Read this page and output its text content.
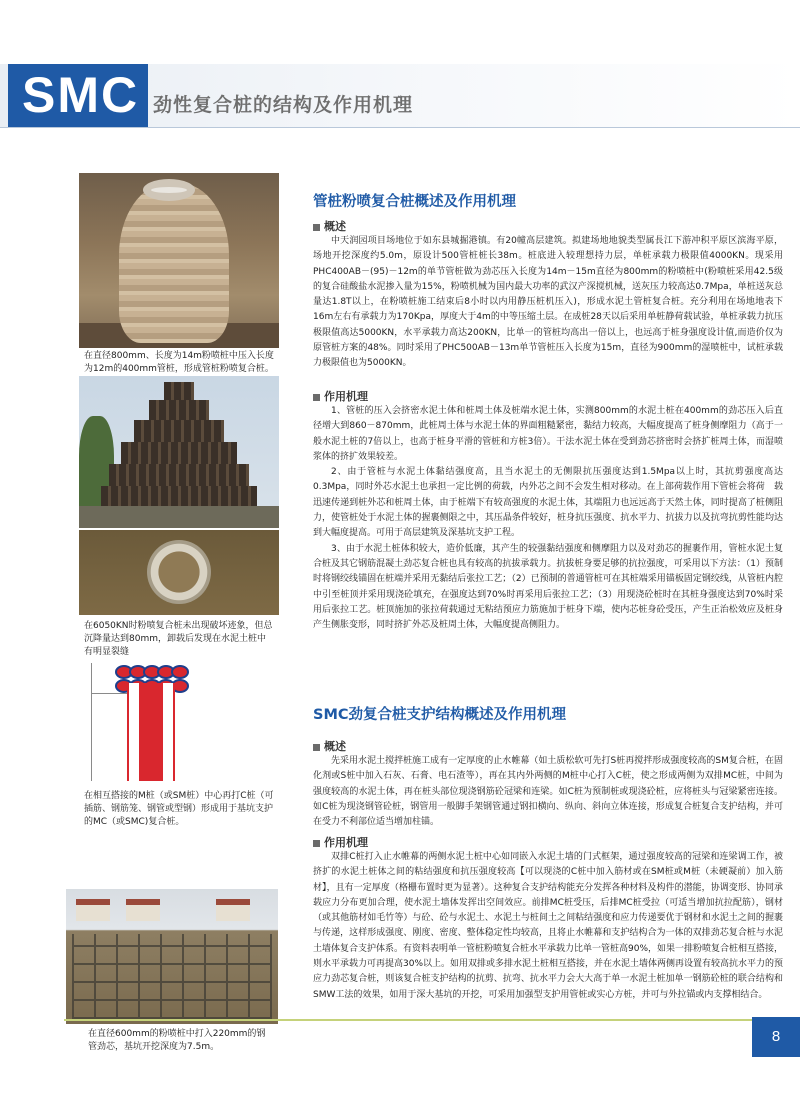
SMC 劲性复合桩的结构及作用机理
在直径800mm、长度为14m粉喷桩中压入长度为12m的400mm管桩，形成管桩粉喷复合桩。
在6050KN时粉喷复合桩未出现破坏迹象，但总沉降量达到80mm，卸载后发现在水泥土桩中有明显裂缝
在相互搭接的M桩（或SM桩）中心再打C桩（可插筋、钢筋笼、钢管或型钢）形成用于基坑支护的MC（或SMC)复合桩。
在直径600mm的粉喷桩中打入220mm的钢管劲芯，基坑开挖深度为7.5m。
管桩粉喷复合桩概述及作用机理
概述

中天润园项目场地位于如东县城掘港镇。有20幢高层建筑。拟建场地地貌类型属長江下游冲积平原区滨海平原，场地开挖深度约5.0m，原设计500管桩桩长38m。桩底进入较理想持力层，单桩承载力极限值4000KN。现采用PHC400AB－(95)－12m的单节管桩做为劲芯压入长度为14m－15m直径为800mm的粉喷桩中(粉喷桩采用42.5级的复合硅酸盐水泥掺入量为15%，粉喷机械为国内最大功率的武汉产深搅机械，送灰压力较高达0.7Mpa，单桩送灰总量达1.8T以上，在粉喷桩施工结束后8小时以内用静压桩机压入)，形成水泥土管桩复合桩。充分利用在场地地表下16m左右有承载力为170Kpa，厚度大于4m的中等压缩土层。在成桩28天以后采用单桩静荷载试验，单桩承载力抗压极限值高达5000KN，水平承载力高达200KN，比单一的管桩均高出一倍以上，也远高于桩身强度设计值,而造价仅为原管桩方案的48%。同时采用了PHC500AB－13m单节管桩压入长度为15m，直径为900mm的湿喷桩中，试桩承载力极限值也为5000KN。

作用机理

1、管桩的压入会挤密水泥土体和桩周土体及桩端水泥土体，实测800mm的水泥土桩在400mm的劲芯压入后直径增大到860－870mm，此桩周土体与水泥土体的界面粗糙紧密，黏结力较高，大幅度提高了桩身侧摩阻力（高于一般水泥土桩的7倍以上，也高于桩身平滑的管桩和方桩3倍）。干法水泥土体在受到劲芯挤密时会挤扩桩周土体，而湿喷浆体的挤扩效果较差。

2、由于管桩与水泥土体黏结强度高，且当水泥土的无侧限抗压强度达到1.5Mpa以上时，其抗剪强度高达0.3Mpa，同时外芯水泥土也承担一定比例的荷载，内外芯之间不会发生相对移动。在上部荷载作用下管桩会将荷　载迅速传递到桩外芯和桩周土体，由于桩端下有较高强度的水泥土体，其端阻力也远远高于天然土体，同时提高了桩侧阻力，使管桩处于水泥土体的握裹侧限之中，其压晶条件较好，桩身抗压强度、抗水平力、抗拔力以及抗弯抗剪性能均达到大幅度提高。可用于高层建筑及深基坑支护工程。

3、由于水泥土桩体积较大，造价低廉，其产生的较强黏结强度和侧摩阻力以及对劲芯的握裹作用，管桩水泥土复合桩及其它钢筋混凝土劲芯复合桩也具有较高的抗拔承载力。抗拔桩身要足够的抗拉强度，可采用以下方法：（1）预制时将钢绞线锚固在桩端并采用无黏结后张拉工艺；（2）已预制的普通管桩可在其桩端采用锚板固定钢绞线，从管桩内腔中引至桩顶并采用现浇砼填充，在强度达到70%时再采用后张拉工艺；（3）用现浇砼桩时在其桩身强度达到70%时采用后张拉工艺。桩顶施加的张拉荷载通过无粘结预应力筋施加于桩身下端，使内芯桩身砼受压，产生正治松效应及桩身产生侧胀变形，同时挤扩外芯及桩周土体，大幅度提高侧阻力。

SMC劲复合桩支护结构概述及作用机理
概述

先采用水泥土搅拌桩施工成有一定厚度的止水帷幕（如土质松软可先打S桩再搅拌形成强度较高的SM复合桩，在固化剂或S桩中加入石灰、石膏、电石渣等），再在其内外两侧的M桩中心打入C桩，使之形成两侧为双排MC桩，中间为强度较高的水泥土体，再在桩头部位现浇钢筋砼冠梁和连梁。如C桩为预制桩或现浇砼桩，应将桩头与冠梁紧密连接。如C桩为现浇钢管砼桩，钢管用一般脚手架钢管通过钢扣横向、纵向、斜向立体连接，形成复合桩复合支护结构，并可在受力不利部位适当增加柱锚。

作用机理

双排C桩打入止水帷幕的两侧水泥土桩中心如同嵌入水泥土墙的门式框架，通过强度较高的冠梁和连梁调工作，被挤扩的水泥土桩体之间的粘结强度和抗压强度较高【可以现浇的C桩中加入筋材或在SM桩或M桩（未硬凝前）加入筋材】，且有一定厚度（格栅布置时更为显著）。这种复合支护结构能充分发挥各种材料及构件的潜能，协调变形、协同承载应力分布更加合理，使水泥土墙体发挥出空间效应。前排MC桩受压，后排MC桩受拉（可适当增加抗拉配筋），钢材（或其他筋材如毛竹等）与砼、砼与水泥土、水泥土与桩间土之间粘结强度和应力传递要优于钢材和水泥土之间的握裹与传递，这样形成强度、刚度、密度、整体稳定性均较高，且将止水帷幕和支护结构合为一体的双排劲芯复合桩与水泥土墙体复合支护体系。有资料表明单一管桩粉喷复合桩水平承载力比单一管桩高90%，如果一排粉喷复合桩相互搭接，则水平承载力可再提高30%以上。如用双排或多排水泥土桩相互搭接，并在水泥土墙体两侧再设置有较高抗水平力的预应力劲芯复合桩，则该复合桩支护结构的抗剪、抗弯、抗水平力会大大高于单一水泥土桩加单一钢筋砼桩的联合结构和SMW工法的效果，如用于深大基坑的开挖，可采用加强型支护用管桩或实心方桩，并可与外拉锚或内支撑相结合。

8
